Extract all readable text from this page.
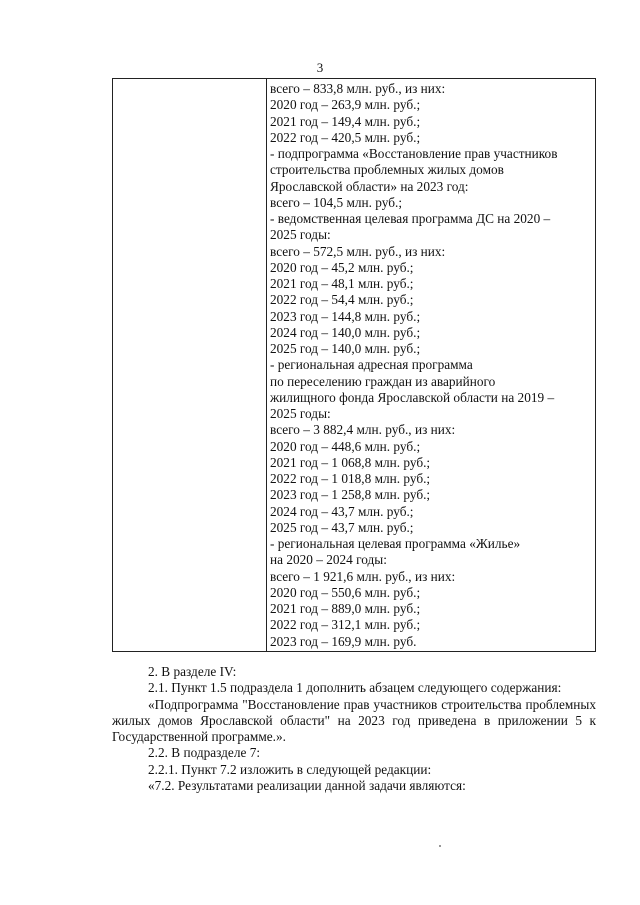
3

всего – 833,8 млн. руб., из них:
2020 год – 263,9 млн. руб.;
2021 год – 149,4 млн. руб.;
2022 год – 420,5 млн. руб.;
- подпрограмма «Восстановление прав участников
строительства проблемных жилых домов
Ярославской области» на 2023 год:
всего – 104,5 млн. руб.;
- ведомственная целевая программа ДС на 2020 –
2025 годы:
всего – 572,5 млн. руб., из них:
2020 год – 45,2 млн. руб.;
2021 год – 48,1 млн. руб.;
2022 год – 54,4 млн. руб.;
2023 год – 144,8 млн. руб.;
2024 год – 140,0 млн. руб.;
2025 год – 140,0 млн. руб.;
- региональная адресная программа
по переселению граждан из аварийного
жилищного фонда Ярославской области на 2019 –
2025 годы:
всего – 3 882,4 млн. руб., из них:
2020 год – 448,6 млн. руб.;
2021 год – 1 068,8 млн. руб.;
2022 год – 1 018,8 млн. руб.;
2023 год – 1 258,8 млн. руб.;
2024 год – 43,7 млн. руб.;
2025 год – 43,7 млн. руб.;
- региональная целевая программа «Жилье»
на 2020 – 2024 годы:
всего – 1 921,6 млн. руб., из них:
2020 год – 550,6 млн. руб.;
2021 год – 889,0 млн. руб.;
2022 год – 312,1 млн. руб.;
2023 год – 169,9 млн. руб.

2. В разделе IV:

2.1. Пункт 1.5 подраздела 1 дополнить абзацем следующего содержания:

«Подпрограмма "Восстановление прав участников строительства проблемных жилых домов Ярославской области" на 2023 год приведена в приложении 5 к Государственной программе.».

2.2. В подразделе 7:

2.2.1. Пункт 7.2 изложить в следующей редакции:

«7.2. Результатами реализации данной задачи являются:
